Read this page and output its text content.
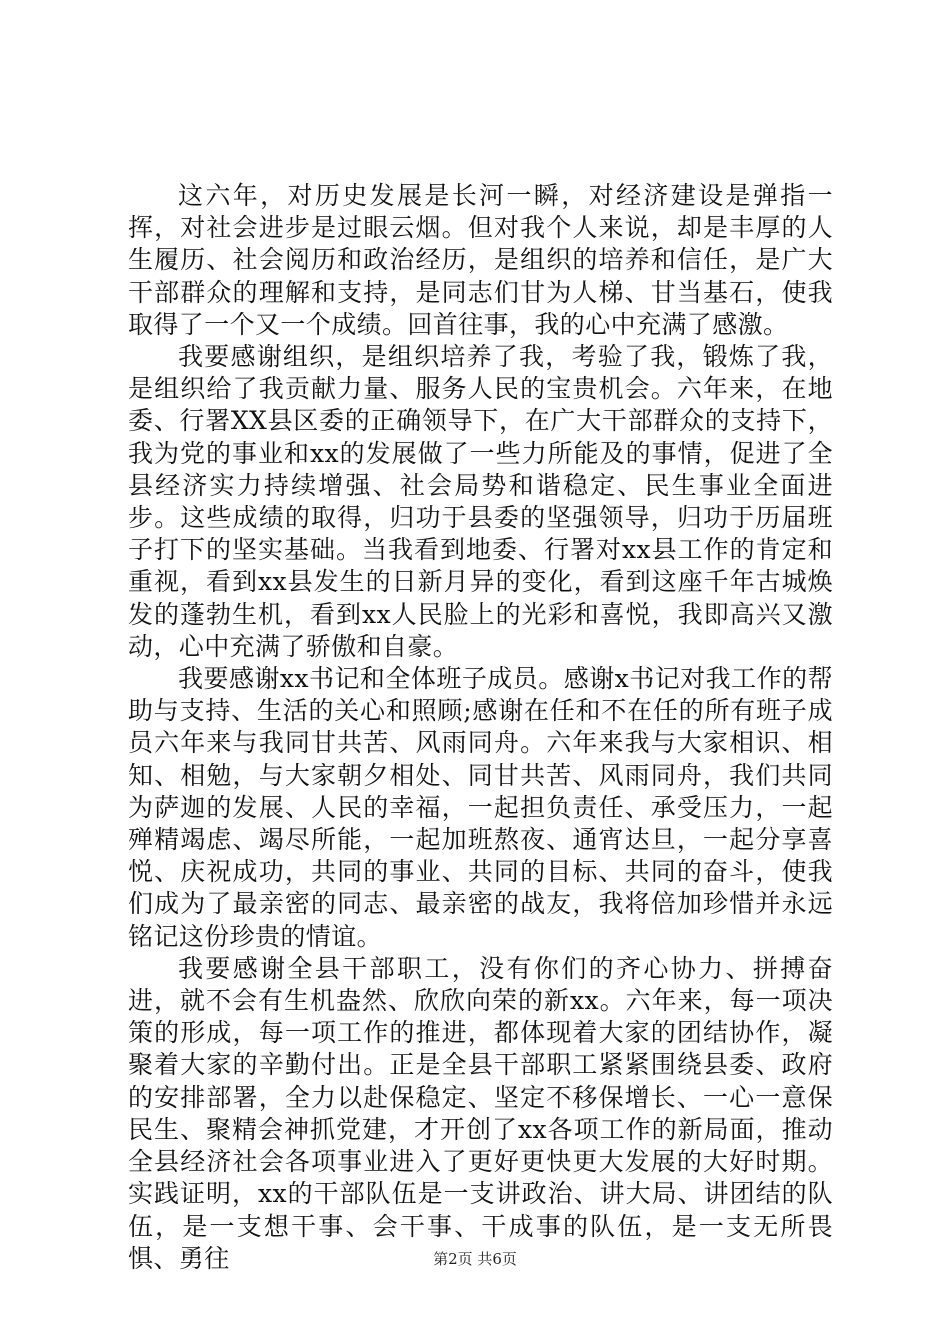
这六年，对历史发展是长河一瞬，对经济建设是弹指一挥，对社会进步是过眼云烟。但对我个人来说，却是丰厚的人生履历、社会阅历和政治经历，是组织的培养和信任，是广大干部群众的理解和支持，是同志们甘为人梯、甘当基石，使我取得了一个又一个成绩。回首往事，我的心中充满了感激。

我要感谢组织，是组织培养了我，考验了我，锻炼了我，是组织给了我贡献力量、服务人民的宝贵机会。六年来，在地委、行署XX县区委的正确领导下，在广大干部群众的支持下，我为党的事业和xx的发展做了一些力所能及的事情，促进了全县经济实力持续增强、社会局势和谐稳定、民生事业全面进步。这些成绩的取得，归功于县委的坚强领导，归功于历届班子打下的坚实基础。当我看到地委、行署对xx县工作的肯定和重视，看到xx县发生的日新月异的变化，看到这座千年古城焕发的蓬勃生机，看到xx人民脸上的光彩和喜悦，我即高兴又激动，心中充满了骄傲和自豪。

我要感谢xx书记和全体班子成员。感谢x书记对我工作的帮助与支持、生活的关心和照顾;感谢在任和不在任的所有班子成员六年来与我同甘共苦、风雨同舟。六年来我与大家相识、相知、相勉，与大家朝夕相处、同甘共苦、风雨同舟，我们共同为萨迦的发展、人民的幸福，一起担负责任、承受压力，一起殚精竭虑、竭尽所能，一起加班熬夜、通宵达旦，一起分享喜悦、庆祝成功，共同的事业、共同的目标、共同的奋斗，使我们成为了最亲密的同志、最亲密的战友，我将倍加珍惜并永远铭记这份珍贵的情谊。

我要感谢全县干部职工，没有你们的齐心协力、拼搏奋进，就不会有生机盎然、欣欣向荣的新xx。六年来，每一项决策的形成，每一项工作的推进，都体现着大家的团结协作，凝聚着大家的辛勤付出。正是全县干部职工紧紧围绕县委、政府的安排部署，全力以赴保稳定、坚定不移保增长、一心一意保民生、聚精会神抓党建，才开创了xx各项工作的新局面，推动全县经济社会各项事业进入了更好更快更大发展的大好时期。实践证明，xx的干部队伍是一支讲政治、讲大局、讲团结的队伍，是一支想干事、会干事、干成事的队伍，是一支无所畏惧、勇往	第2页 共6页
